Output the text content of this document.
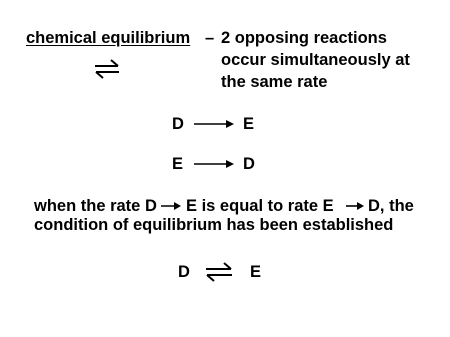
chemical equilibrium – 2 opposing reactions
occur simultaneously at
the same rate
D	E
E	D
when the rate D E is equal to rate E D, the
condition of equilibrium has been established
D ⇌ E
